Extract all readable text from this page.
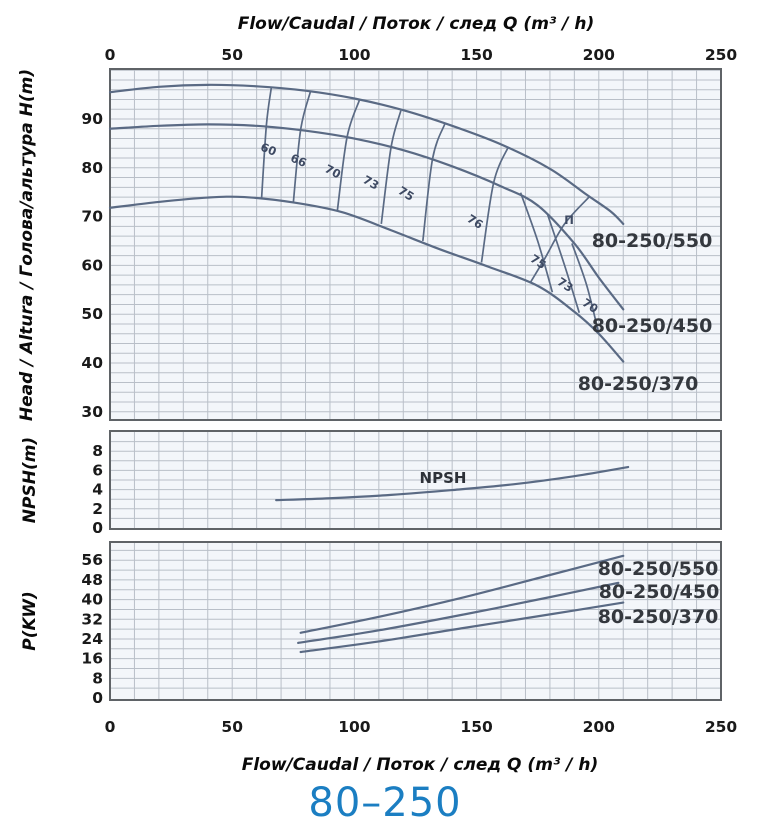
Flow/Caudal / Поток / след Q (m³ / h)
Head / Altura / Голова/альтура H(m)
NPSH(m)
P(KW)
Flow/Caudal / Поток / след Q (m³ / h)
80–250
90
80
70
60
50
40
30
80-250/550
80-250/450
80-250/370
60
66
70
73
75
76	П
75
73
70
8
6
4
2
0
NPSH
56
48
40
32
24
16
8
0
80-250/550
80-250/450
80-250/370
0
0
50
50
100
100
150
150
200
200
250
250
